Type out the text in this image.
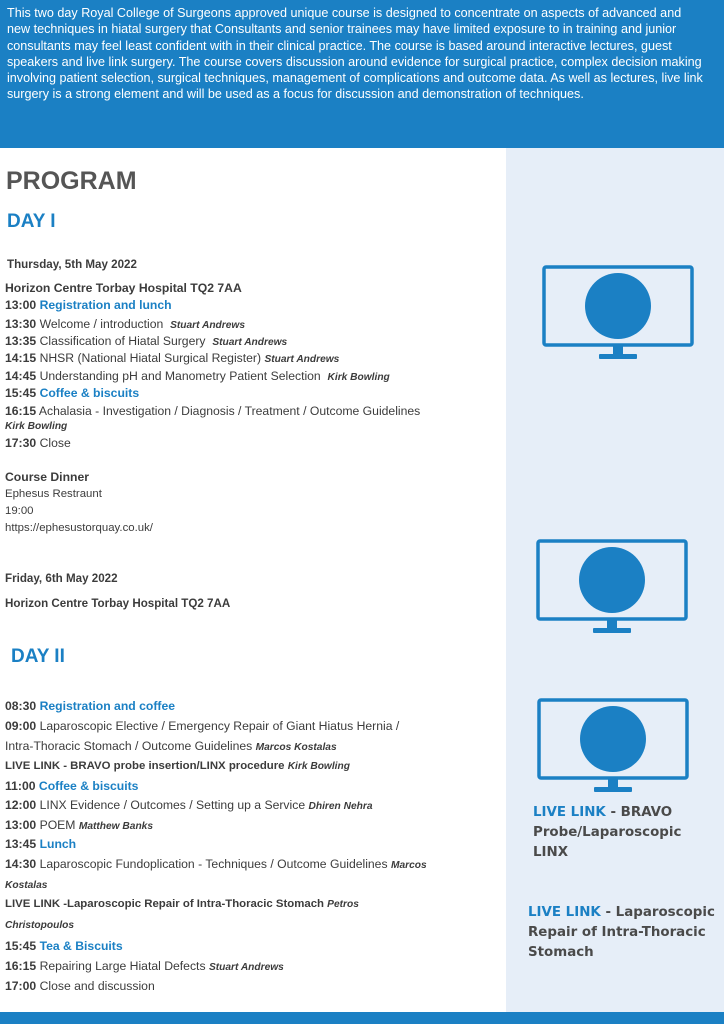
This two day Royal College of Surgeons approved unique course is designed to concentrate on aspects of advanced and new techniques in hiatal surgery that Consultants and senior trainees may have limited exposure to in training and junior consultants may feel least confident with in their clinical practice. The course is based around interactive lectures, guest speakers and live link surgery. The course covers discussion around evidence for surgical practice, complex decision making involving patient selection, surgical techniques, management of complications and outcome data. As well as lectures, live link surgery is a strong element and will be used as a focus for discussion and demonstration of techniques.

PROGRAM
DAY I
Thursday, 5th May 2022
Horizon Centre Torbay Hospital TQ2 7AA
13:00 Registration and lunch
13:30 Welcome / introduction Stuart Andrews
13:35 Classification of Hiatal Surgery Stuart Andrews
14:15 NHSR (National Hiatal Surgical Register) Stuart Andrews
14:45 Understanding pH and Manometry Patient Selection Kirk Bowling
15:45 Coffee & biscuits
16:15 Achalasia - Investigation / Diagnosis / Treatment / Outcome Guidelines
Kirk Bowling
17:30 Close
Course Dinner
Ephesus Restraunt
19:00
https://ephesustorquay.co.uk/
Friday, 6th May 2022
Horizon Centre Torbay Hospital TQ2 7AA
DAY II
08:30 Registration and coffee
09:00 Laparoscopic Elective / Emergency Repair of Giant Hiatus Hernia /
Intra-Thoracic Stomach / Outcome Guidelines Marcos Kostalas
LIVE LINK - BRAVO probe insertion/LINX procedure Kirk Bowling
11:00 Coffee & biscuits
12:00 LINX Evidence / Outcomes / Setting up a Service Dhiren Nehra
13:00 POEM Matthew Banks
13:45 Lunch
14:30 Laparoscopic Fundoplication - Techniques / Outcome Guidelines Marcos
Kostalas
LIVE LINK -Laparoscopic Repair of Intra-Thoracic Stomach Petros
Christopoulos
15:45 Tea & Biscuits
16:15 Repairing Large Hiatal Defects Stuart Andrews
17:00 Close and discussion
LIVE LINK - BRAVO
Probe/Laparoscopic
LINX
LIVE LINK - Laparoscopic
Repair of Intra-Thoracic
Stomach
